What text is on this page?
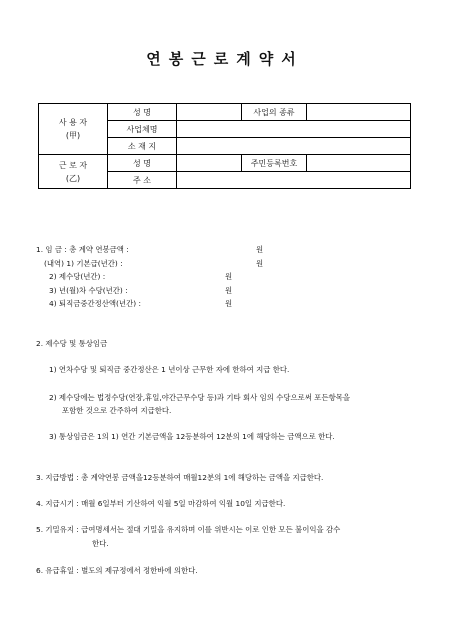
연봉근로계약서
사 용 자
(甲)	성 명		사업의 종류	
	사업체명			
	소 재 지			

근 로 자
(乙)	성 명		주민등록번호	
	주 소			
1. 임 금 : 총 계약 연봉금액 :	원
(내역) 1) 기본급(년간) :	원
2) 제수당(년간) :	원
3) 년(월)차 수당(년간) :	원
4) 퇴직금중간정산액(년간) :	원
2. 제수당 및 통상임금
1) 연차수당 및 퇴직금 중간정산은 1 년이상 근무한 자에 한하여 지급 한다.
2) 제수당에는 법정수당(연장,휴일,야간근무수당 등)과 기타 회사 임의 수당으로써 포든항목을
포함한 것으로 간주하여 지급한다.
3) 통상임금은 1의 1) 연간 기본금액을 12등분하여 12분의 1에 해당하는 금액으로 한다.
3. 지급방법 : 총 계약연봉 금액을12등분하여 매월12분의 1에 해당하는 금액을 지급한다.
4. 지급시기 : 매월 6일부터 기산하여 익월 5일 마감하여 익월 10일 지급한다.
5. 기밀유지 : 급여명세서는 절대 기밀을 유지하며 이를 위반시는 이로 인한 모든 불이익을 감수
한다.
6. 유급휴일 : 별도의 제규정에서 정한바에 의한다.
